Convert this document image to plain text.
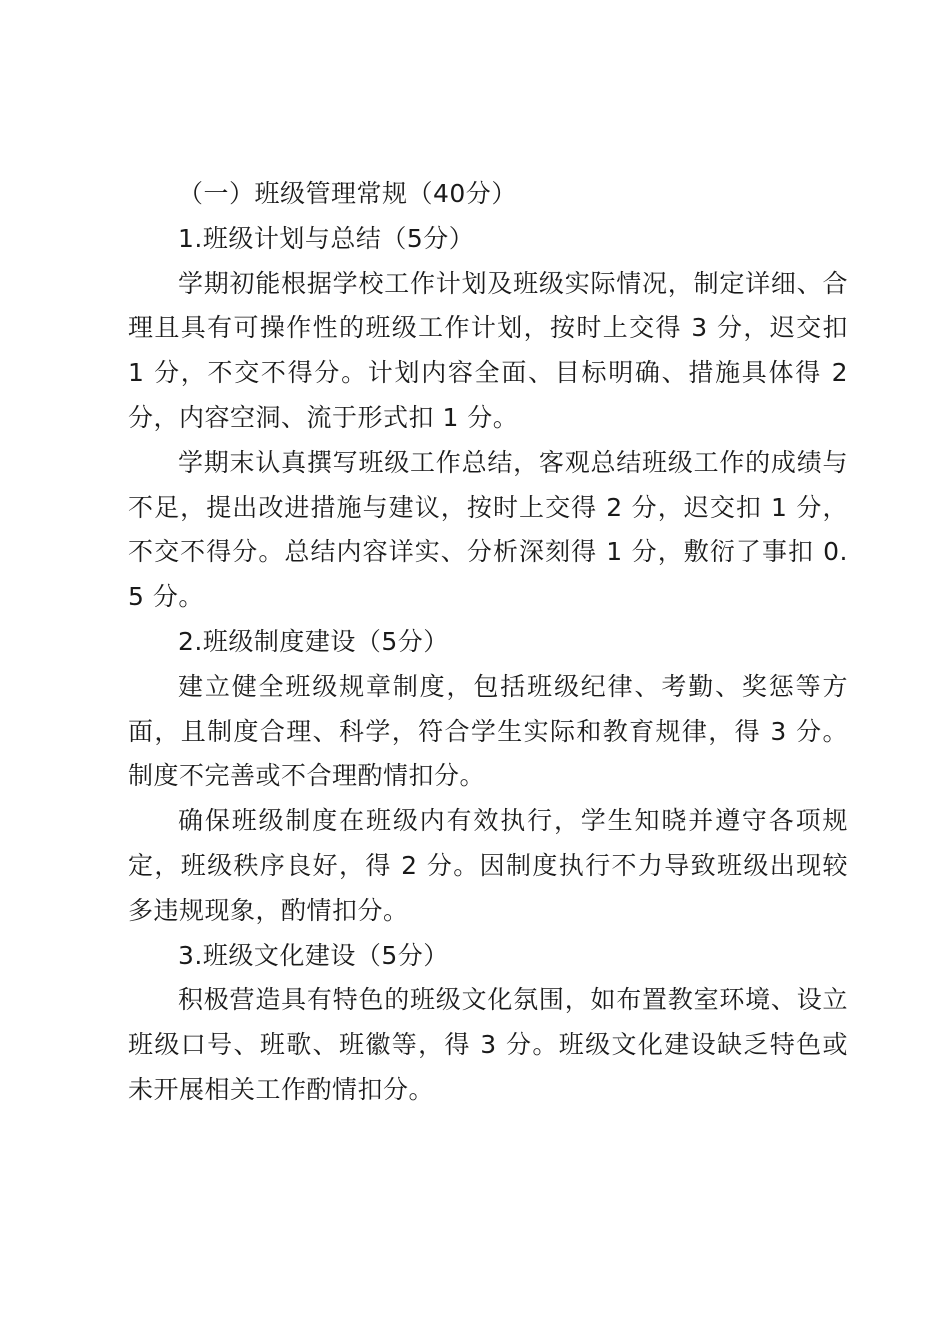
（一）班级管理常规（40分）

1.班级计划与总结（5分）

学期初能根据学校工作计划及班级实际情况，制定详细、合理且具有可操作性的班级工作计划，按时上交得 3 分，迟交扣 1 分，不交不得分。计划内容全面、目标明确、措施具体得 2 分，内容空洞、流于形式扣 1 分。

学期末认真撰写班级工作总结，客观总结班级工作的成绩与不足，提出改进措施与建议，按时上交得 2 分，迟交扣 1 分，不交不得分。总结内容详实、分析深刻得 1 分，敷衍了事扣 0.5 分。

2.班级制度建设（5分）

建立健全班级规章制度，包括班级纪律、考勤、奖惩等方面，且制度合理、科学，符合学生实际和教育规律，得 3 分。制度不完善或不合理酌情扣分。

确保班级制度在班级内有效执行，学生知晓并遵守各项规定，班级秩序良好，得 2 分。因制度执行不力导致班级出现较多违规现象，酌情扣分。

3.班级文化建设（5分）

积极营造具有特色的班级文化氛围，如布置教室环境、设立班级口号、班歌、班徽等，得 3 分。班级文化建设缺乏特色或未开展相关工作酌情扣分。
